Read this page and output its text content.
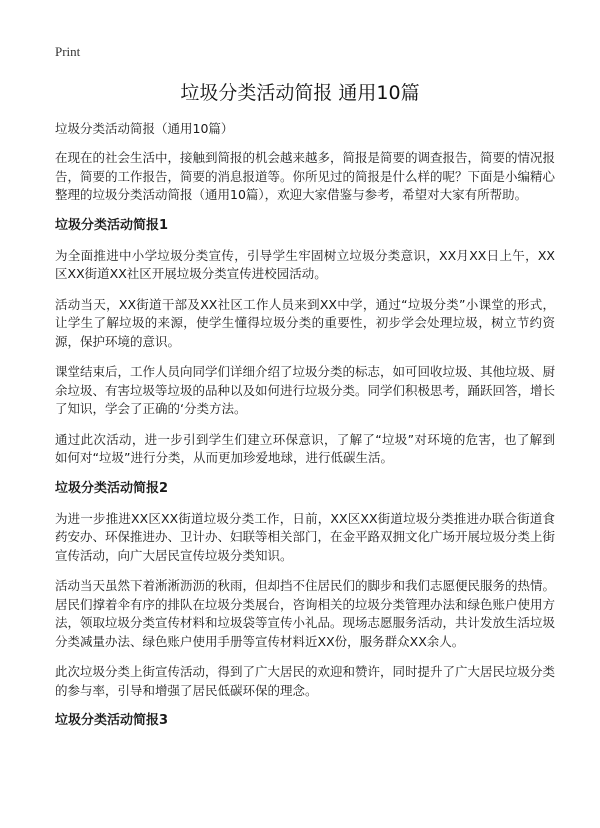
Print
垃圾分类活动简报 通用10篇

垃圾分类活动简报（通用10篇）

在现在的社会生活中，接触到简报的机会越来越多，简报是简要的调查报告，简要的情况报告，简要的工作报告，简要的消息报道等。你所见过的简报是什么样的呢？下面是小编精心整理的垃圾分类活动简报（通用10篇），欢迎大家借鉴与参考，希望对大家有所帮助。

垃圾分类活动简报1

为全面推进中小学垃圾分类宣传，引导学生牢固树立垃圾分类意识，XX月XX日上午，XX区XX街道XX社区开展垃圾分类宣传进校园活动。

活动当天，XX街道干部及XX社区工作人员来到XX中学，通过“垃圾分类”小课堂的形式，让学生了解垃圾的来源，使学生懂得垃圾分类的重要性，初步学会处理垃圾，树立节约资源，保护环境的意识。

课堂结束后，工作人员向同学们详细介绍了垃圾分类的标志，如可回收垃圾、其他垃圾、厨余垃圾、有害垃圾等垃圾的品种以及如何进行垃圾分类。同学们积极思考，踊跃回答，增长了知识，学会了正确的‘分类方法。

通过此次活动，进一步引到学生们建立环保意识，了解了“垃圾”对环境的危害，也了解到如何对“垃圾”进行分类，从而更加珍爱地球，进行低碳生活。

垃圾分类活动简报2

为进一步推进XX区XX街道垃圾分类工作，日前，XX区XX街道垃圾分类推进办联合街道食药安办、环保推进办、卫计办、妇联等相关部门，在金平路双拥文化广场开展垃圾分类上街宣传活动，向广大居民宣传垃圾分类知识。

活动当天虽然下着淅淅沥沥的秋雨，但却挡不住居民们的脚步和我们志愿便民服务的热情。居民们撑着伞有序的排队在垃圾分类展台，咨询相关的垃圾分类管理办法和绿色账户使用方法，领取垃圾分类宣传材料和垃圾袋等宣传小礼品。现场志愿服务活动，共计发放生活垃圾分类减量办法、绿色账户使用手册等宣传材料近XX份，服务群众XX余人。

此次垃圾分类上街宣传活动，得到了广大居民的欢迎和赞许，同时提升了广大居民垃圾分类的参与率，引导和增强了居民低碳环保的理念。

垃圾分类活动简报3
